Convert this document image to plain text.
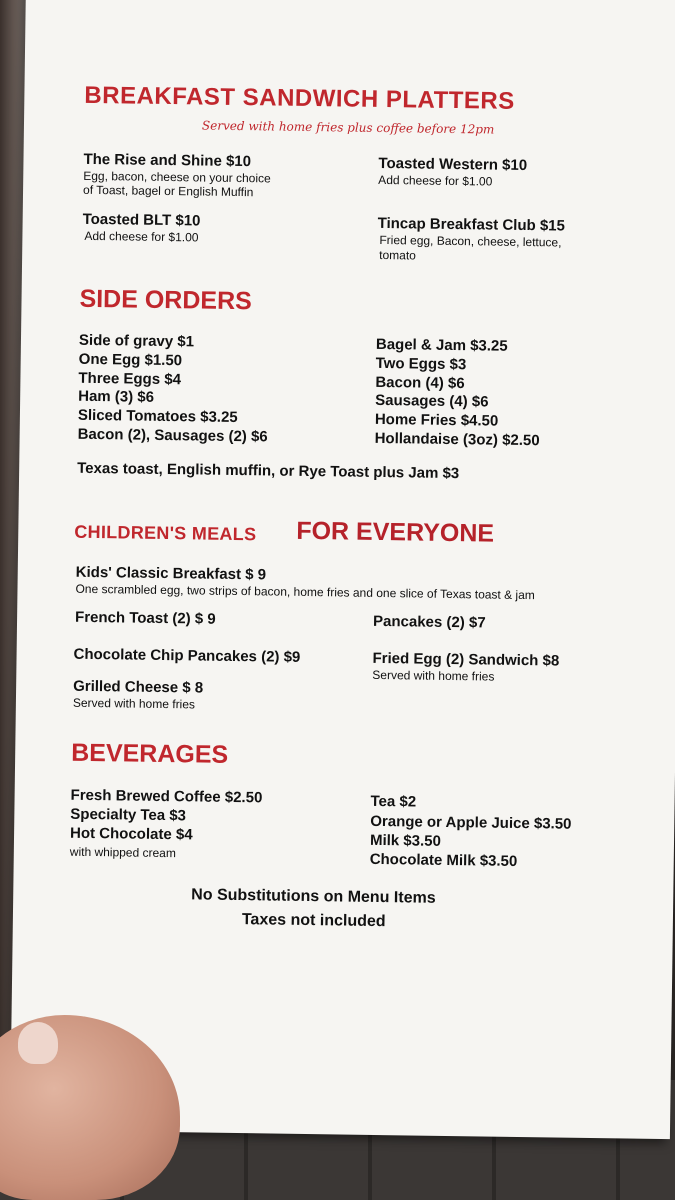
BREAKFAST SANDWICH PLATTERS
Served with home fries plus coffee before 12pm
The Rise and Shine $10
Egg, bacon, cheese on your choice
of Toast, bagel or English Muffin
Toasted Western $10
Add cheese for $1.00
Toasted BLT $10
Add cheese for $1.00
Tincap Breakfast Club $15
Fried egg, Bacon, cheese, lettuce,
tomato
SIDE ORDERS
Side of gravy $1
One Egg $1.50
Three Eggs $4
Ham (3) $6
Sliced Tomatoes $3.25
Bacon (2), Sausages (2) $6
Bagel & Jam $3.25
Two Eggs $3
Bacon (4) $6
Sausages (4) $6
Home Fries $4.50
Hollandaise (3oz) $2.50
Texas toast, English muffin, or Rye Toast plus Jam $3
CHILDREN'S MEALS FOR EVERYONE
Kids' Classic Breakfast $ 9
One scrambled egg, two strips of bacon, home fries and one slice of Texas toast & jam
French Toast (2) $ 9	Pancakes (2) $7
Chocolate Chip Pancakes (2) $9	Fried Egg (2) Sandwich $8
Served with home fries
Grilled Cheese $ 8
Served with home fries
BEVERAGES
Fresh Brewed Coffee $2.50
Specialty Tea $3
Hot Chocolate $4
with whipped cream
Tea $2
Orange or Apple Juice $3.50
Milk $3.50
Chocolate Milk $3.50
No Substitutions on Menu Items
Taxes not included
